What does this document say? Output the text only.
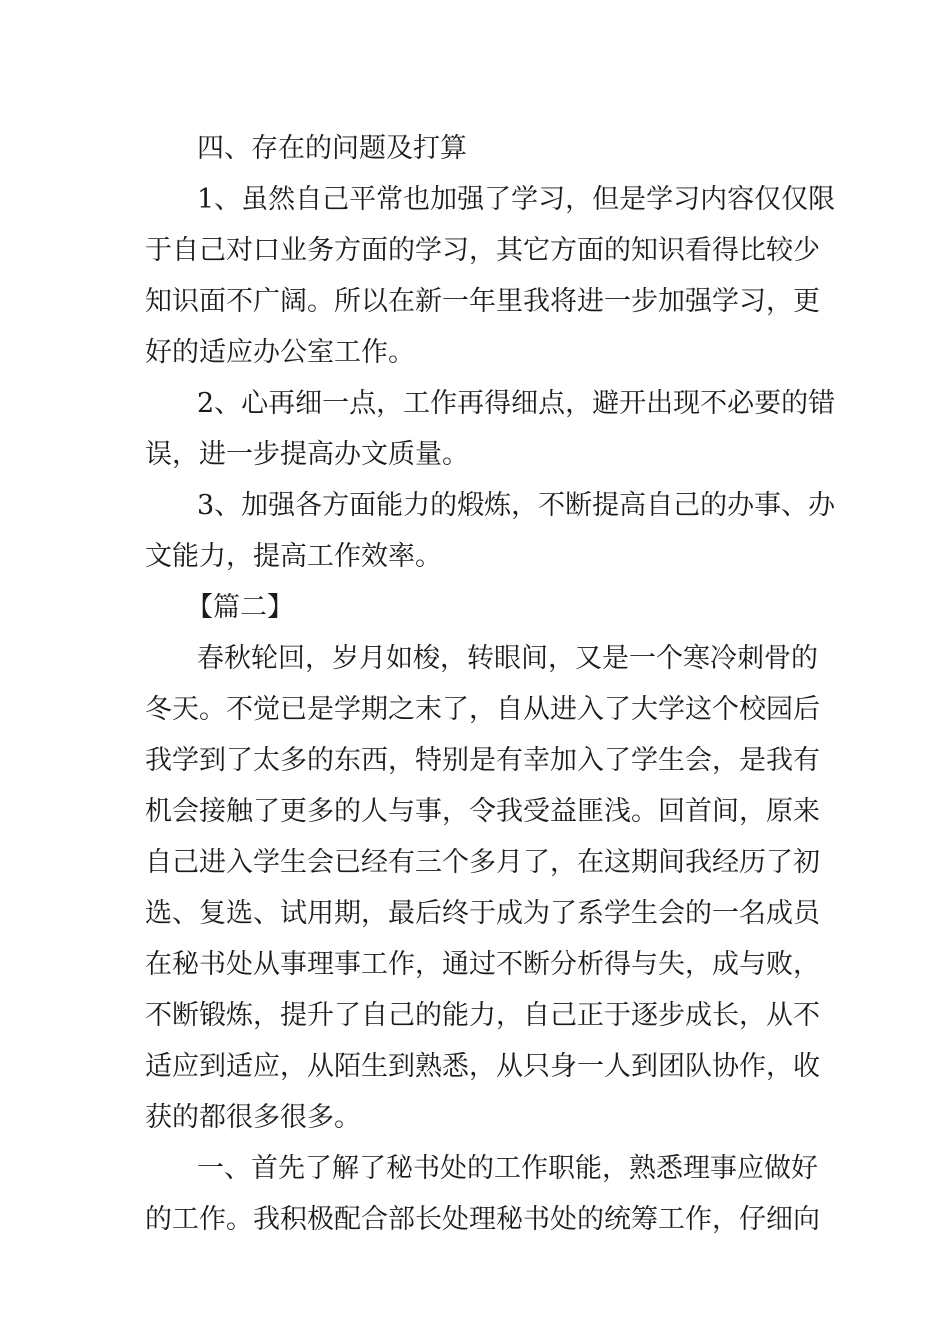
四、存在的问题及打算
1、虽然自己平常也加强了学习，但是学习内容仅仅限
于自己对口业务方面的学习，其它方面的知识看得比较少
知识面不广阔。所以在新一年里我将进一步加强学习，更
好的适应办公室工作。
2、心再细一点，工作再得细点，避开出现不必要的错
误，进一步提高办文质量。
3、加强各方面能力的煅炼，不断提高自己的办事、办
文能力，提高工作效率。
【篇二】
春秋轮回，岁月如梭，转眼间，又是一个寒冷刺骨的
冬天。不觉已是学期之末了，自从进入了大学这个校园后
我学到了太多的东西，特别是有幸加入了学生会，是我有
机会接触了更多的人与事，令我受益匪浅。回首间，原来
自己进入学生会已经有三个多月了，在这期间我经历了初
选、复选、试用期，最后终于成为了系学生会的一名成员
在秘书处从事理事工作，通过不断分析得与失，成与败，
不断锻炼，提升了自己的能力，自己正于逐步成长，从不
适应到适应，从陌生到熟悉，从只身一人到团队协作，收
获的都很多很多。
一、首先了解了秘书处的工作职能，熟悉理事应做好
的工作。我积极配合部长处理秘书处的统筹工作，仔细向
